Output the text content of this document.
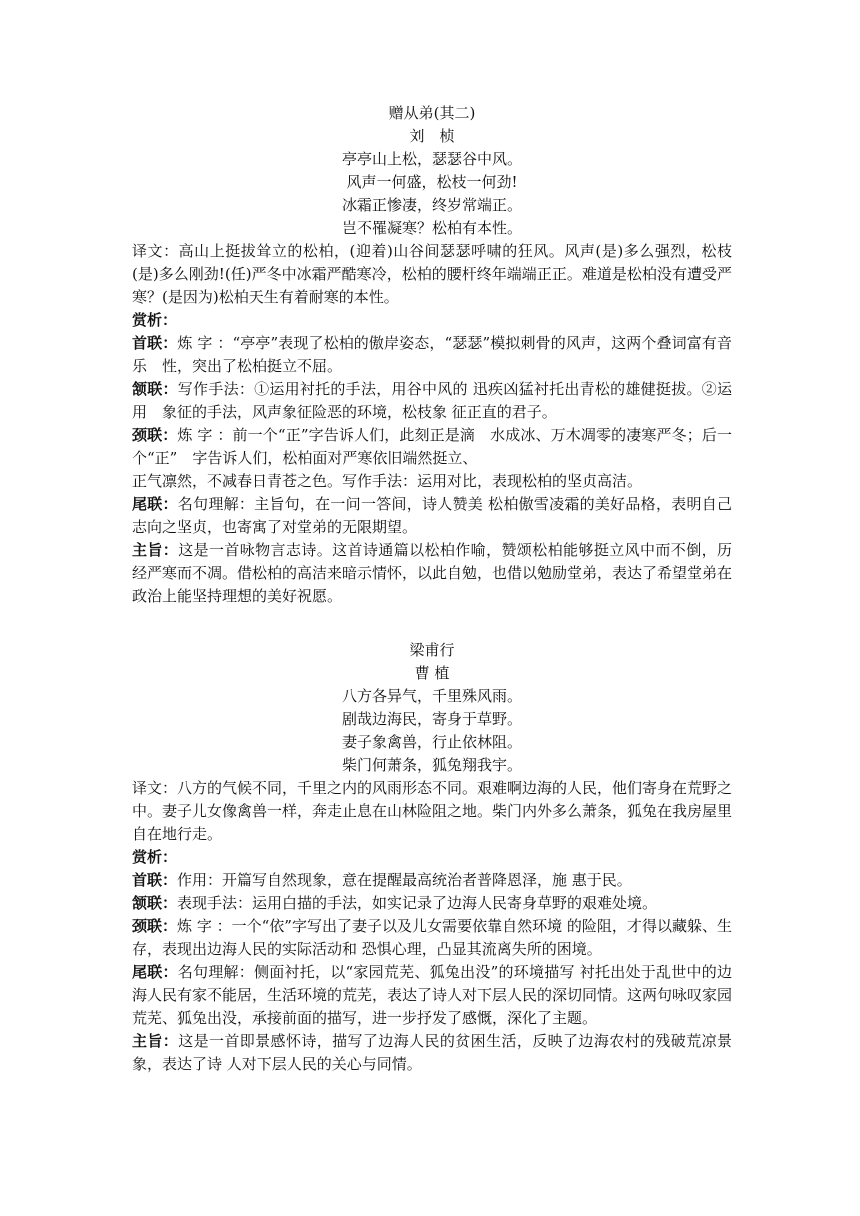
赠从弟(其二)

刘　桢

亭亭山上松，瑟瑟谷中风。

风声一何盛，松枝一何劲!

冰霜正惨凄，终岁常端正。

岂不罹凝寒？松柏有本性。

译文：高山上挺拔耸立的松柏，(迎着)山谷间瑟瑟呼啸的狂风。风声(是)多么强烈，松枝(是)多么刚劲!(任)严冬中冰霜严酷寒冷，松柏的腰杆终年端端正正。难道是松柏没有遭受严寒？(是因为)松柏天生有着耐寒的本性。

赏析：

首联：炼 字 ：“亭亭”表现了松柏的傲岸姿态，“瑟瑟”模拟刺骨的风声，这两个叠词富有音乐　性，突出了松柏挺立不屈。

颔联：写作手法：①运用衬托的手法，用谷中风的 迅疾凶猛衬托出青松的雄健挺拔。②运用　象征的手法，风声象征险恶的环境，松枝象 征正直的君子。

颈联：炼 字 ：前一个“正”字告诉人们，此刻正是滴　水成冰、万木凋零的凄寒严冬；后一个“正”　字告诉人们，松柏面对严寒依旧端然挺立、

正气凛然，不减春日青苍之色。写作手法：运用对比，表现松柏的坚贞高洁。

尾联：名句理解：主旨句，在一问一答间，诗人赞美 松柏傲雪凌霜的美好品格，表明自己志向之坚贞，也寄寓了对堂弟的无限期望。

主旨：这是一首咏物言志诗。这首诗通篇以松柏作喻，赞颂松柏能够挺立风中而不倒，历经严寒而不凋。借松柏的高洁来暗示情怀，以此自勉，也借以勉励堂弟，表达了希望堂弟在政治上能坚持理想的美好祝愿。

梁甫行

曹 植

八方各异气，千里殊风雨。

剧哉边海民，寄身于草野。

妻子象禽兽，行止依林阻。

柴门何萧条，狐兔翔我宇。

译文：八方的气候不同，千里之内的风雨形态不同。艰难啊边海的人民，他们寄身在荒野之中。妻子儿女像禽兽一样，奔走止息在山林险阻之地。柴门内外多么萧条，狐兔在我房屋里自在地行走。

赏析：

首联：作用：开篇写自然现象，意在提醒最高统治者普降恩泽，施 惠于民。

颔联：表现手法：运用白描的手法，如实记录了边海人民寄身草野的艰难处境。

颈联：炼 字 ：一个“依”字写出了妻子以及儿女需要依靠自然环境 的险阻，才得以藏躲、生存，表现出边海人民的实际活动和 恐惧心理，凸显其流离失所的困境。

尾联：名句理解：侧面衬托，以“家园荒芜、狐兔出没”的环境描写 衬托出处于乱世中的边海人民有家不能居，生活环境的荒芜，表达了诗人对下层人民的深切同情。这两句咏叹家园荒芜、狐兔出没，承接前面的描写，进一步抒发了感慨，深化了主题。

主旨：这是一首即景感怀诗，描写了边海人民的贫困生活，反映了边海农村的残破荒凉景象，表达了诗 人对下层人民的关心与同情。
